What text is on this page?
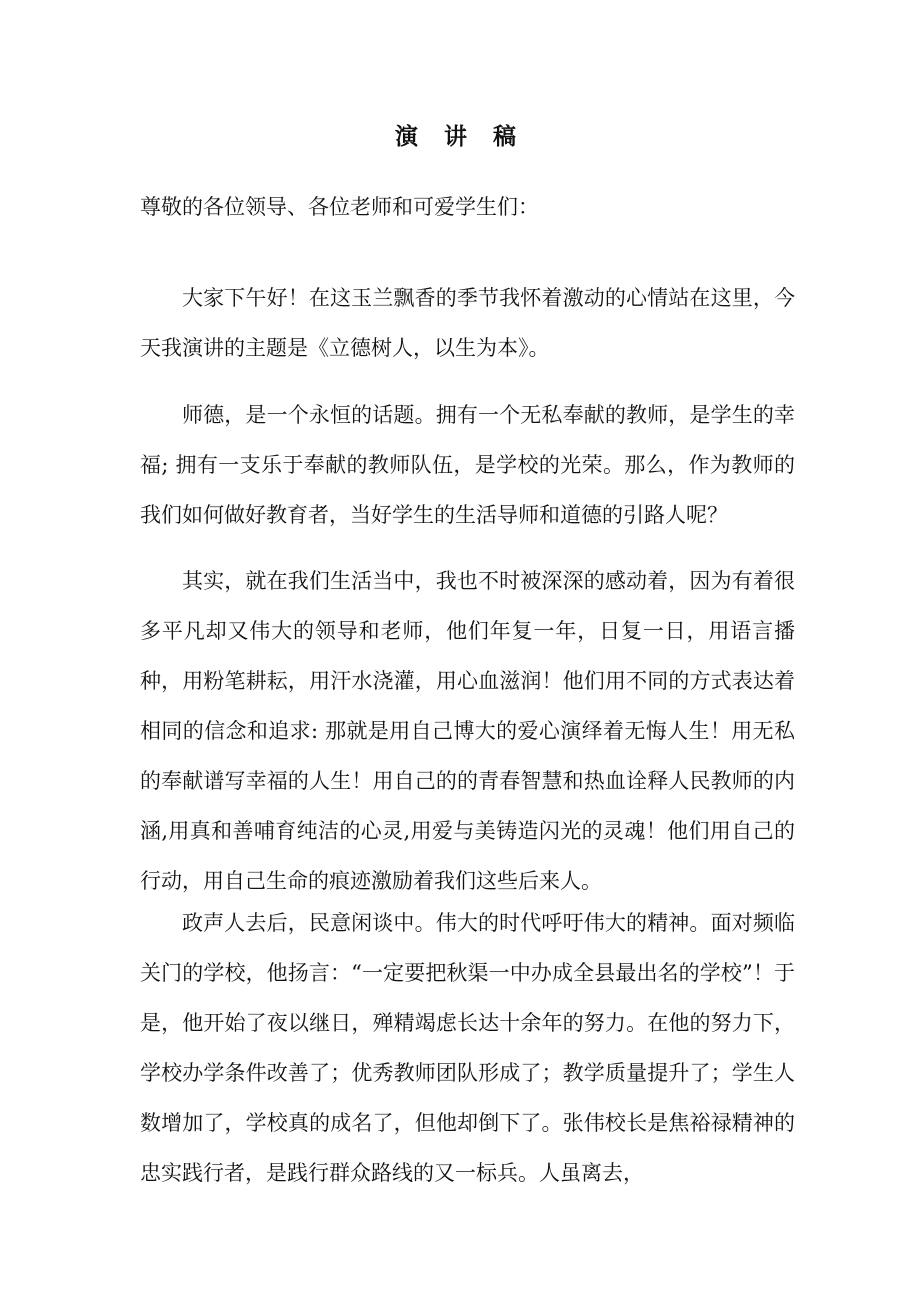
演 讲 稿
尊敬的各位领导、各位老师和可爱学生们：

大家下午好！在这玉兰飘香的季节我怀着激动的心情站在这里，今天我演讲的主题是《立德树人，以生为本》。

师德，是一个永恒的话题。拥有一个无私奉献的教师，是学生的幸福; 拥有一支乐于奉献的教师队伍，是学校的光荣。那么，作为教师的我们如何做好教育者，当好学生的生活导师和道德的引路人呢？

其实，就在我们生活当中，我也不时被深深的感动着，因为有着很多平凡却又伟大的领导和老师，他们年复一年，日复一日，用语言播种，用粉笔耕耘，用汗水浇灌，用心血滋润！他们用不同的方式表达着相同的信念和追求: 那就是用自己博大的爱心演绎着无悔人生！用无私的奉献谱写幸福的人生！用自己的的青春智慧和热血诠释人民教师的内涵,用真和善哺育纯洁的心灵,用爱与美铸造闪光的灵魂！他们用自己的行动，用自己生命的痕迹激励着我们这些后来人。

政声人去后，民意闲谈中。伟大的时代呼吁伟大的精神。面对频临关门的学校，他扬言：“一定要把秋渠一中办成全县最出名的学校”！于是，他开始了夜以继日，殚精竭虑长达十余年的努力。在他的努力下，学校办学条件改善了；优秀教师团队形成了；教学质量提升了；学生人数增加了，学校真的成名了，但他却倒下了。张伟校长是焦裕禄精神的忠实践行者，是践行群众路线的又一标兵。人虽离去，
